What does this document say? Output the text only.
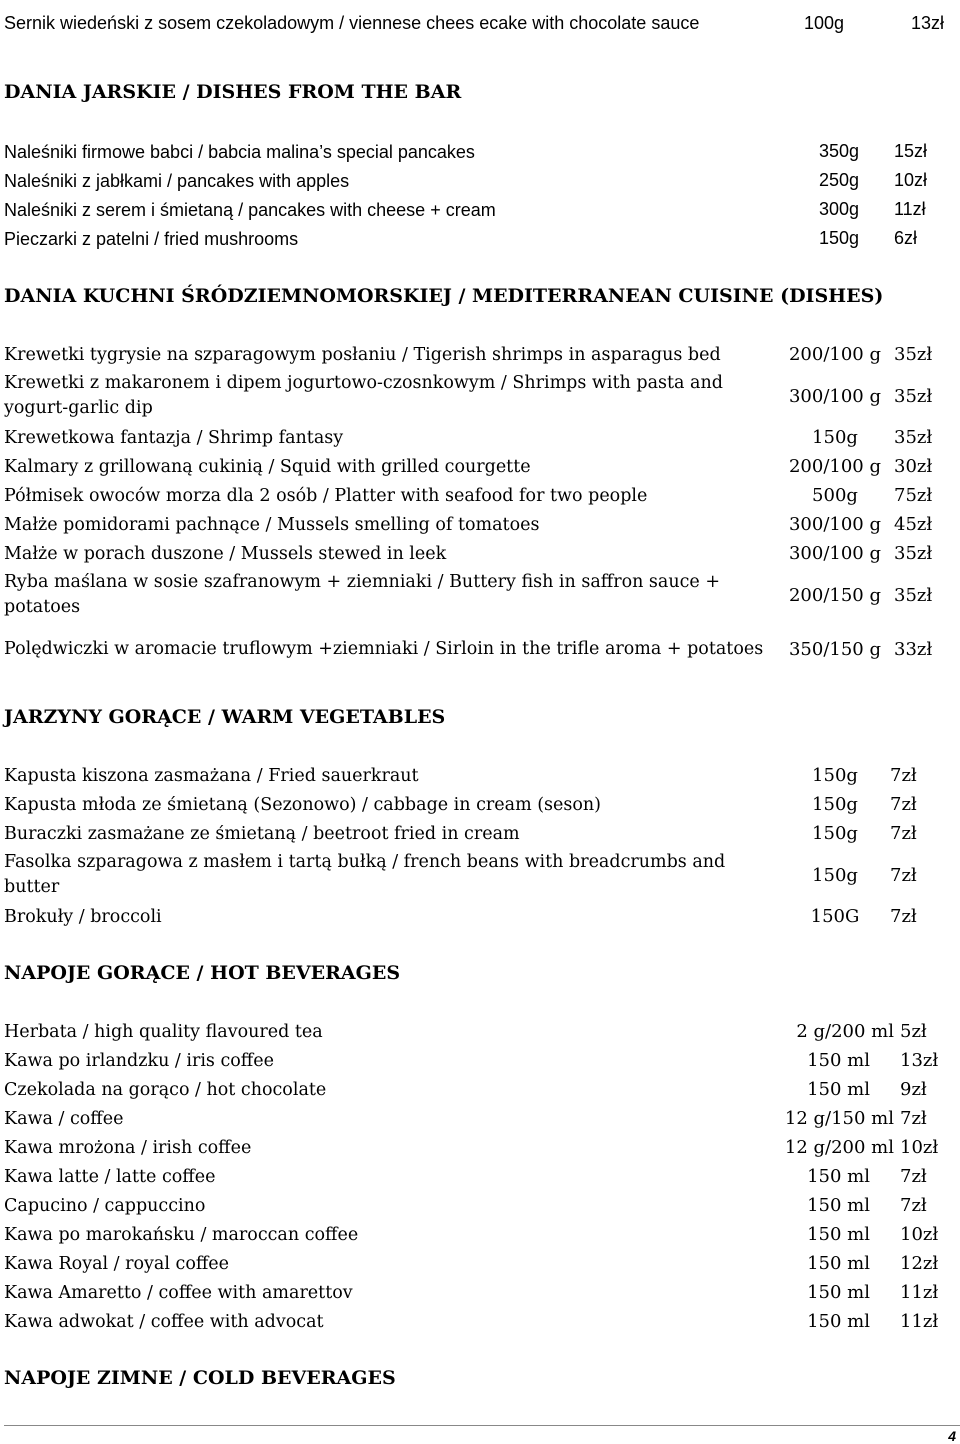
Sernik wiedeński z sosem czekoladowym / viennese chees ecake with chocolate sauce	100g	13zł
DANIA JARSKIE / DISHES FROM THE BAR
Naleśniki firmowe babci / babcia malina’s special pancakes	350g	15zł
Naleśniki z jabłkami / pancakes with apples	250g	10zł
Naleśniki z serem i śmietaną / pancakes with cheese + cream	300g	11zł
Pieczarki z patelni / fried mushrooms	150g	6zł
DANIA KUCHNI ŚRÓDZIEMNOMORSKIEJ / MEDITERRANEAN CUISINE (DISHES)
Krewetki tygrysie na szparagowym posłaniu / Tigerish shrimps in asparagus bed	200/100 g 35zł
Krewetki z makaronem i dipem jogurtowo-czosnkowym / Shrimps with pasta and yogurt-garlic dip
300/100 g 35zł
Krewetkowa fantazja / Shrimp fantasy	150g	35zł
Kalmary z grillowaną cukinią / Squid with grilled courgette	200/100 g 30zł
Półmisek owoców morza dla 2 osób / Platter with seafood for two people	500g	75zł
Małże pomidorami pachnące / Mussels smelling of tomatoes	300/100 g 45zł
Małże w porach duszone / Mussels stewed in leek	300/100 g 35zł
Ryba maślana w sosie szafranowym + ziemniaki / Buttery fish in saffron sauce + potatoes
200/150 g 35zł
Polędwiczki w aromacie truflowym +ziemniaki / Sirloin in the trifle aroma + potatoes	350/150 g 33zł
JARZYNY GORĄCE / WARM VEGETABLES
Kapusta kiszona zasmażana / Fried sauerkraut	150g	7zł
Kapusta młoda ze śmietaną (Sezonowo) / cabbage in cream (seson)	150g	7zł
Buraczki zasmażane ze śmietaną / beetroot fried in cream	150g	7zł
Fasolka szparagowa z masłem i tartą bułką / french beans with breadcrumbs and butter
150g	7zł
Brokuły / broccoli	150G	7zł
NAPOJE GORĄCE / HOT BEVERAGES
Herbata / high quality flavoured tea	2 g/200 ml 5zł
Kawa po irlandzku / iris coffee	150 ml	13zł
Czekolada na gorąco / hot chocolate	150 ml	9zł
Kawa / coffee	12 g/150 ml 7zł
Kawa mrożona / irish coffee	12 g/200 ml 10zł
Kawa latte / latte coffee	150 ml	7zł
Capucino / cappuccino	150 ml	7zł
Kawa po marokańsku / maroccan coffee	150 ml	10zł
Kawa Royal / royal coffee	150 ml	12zł
Kawa Amaretto / coffee with amarettov	150 ml	11zł
Kawa adwokat / coffee with advocat	150 ml	11zł
NAPOJE ZIMNE / COLD BEVERAGES
4
